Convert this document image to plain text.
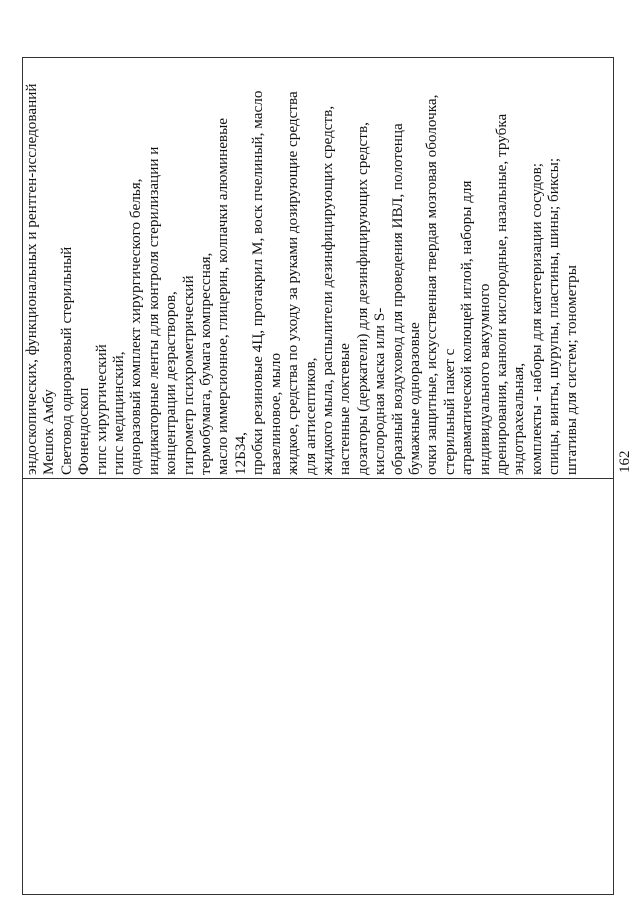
эндоскопических, функциональных и рентген-исследований Мешок Амбу Световод одноразовый стерильный Фонендоскоп гипс хирургический гипс медицинский, одноразовый комплект хирургического белья, индикаторные ленты для контроля стерилизации и концентрации дезрастворов, гигрометр психрометрический термобумага, бумага компрессная, масло иммерсионное, глицерин, колпачки алюминевые 12Б34, пробки резиновые 4Ц, протакрил М, воск пчелиный, масло вазелиновое, мыло жидкое, средства по уходу за руками дозирующие средства для антисептиков, жидкого мыла, распылители дезинфицирующих средств, настенные локтевые дозаторы (держатели) для дезинфицирующих средств, кислородная маска или S- образный воздуховод для проведения ИВЛ, полотенца бумажные одноразовые очки защитные, искусственная твердая мозговая оболочка, стерильный пакет с атравматической колющей иглой, наборы для индивидуального вакуумного дренирования, канюли кислородные, назальные, трубка эндотрахеальная, комплекты - наборы для катетеризации сосудов; спицы, винты, шурупы, пластины, шины; биксы; штативы для систем; тонометры 162
